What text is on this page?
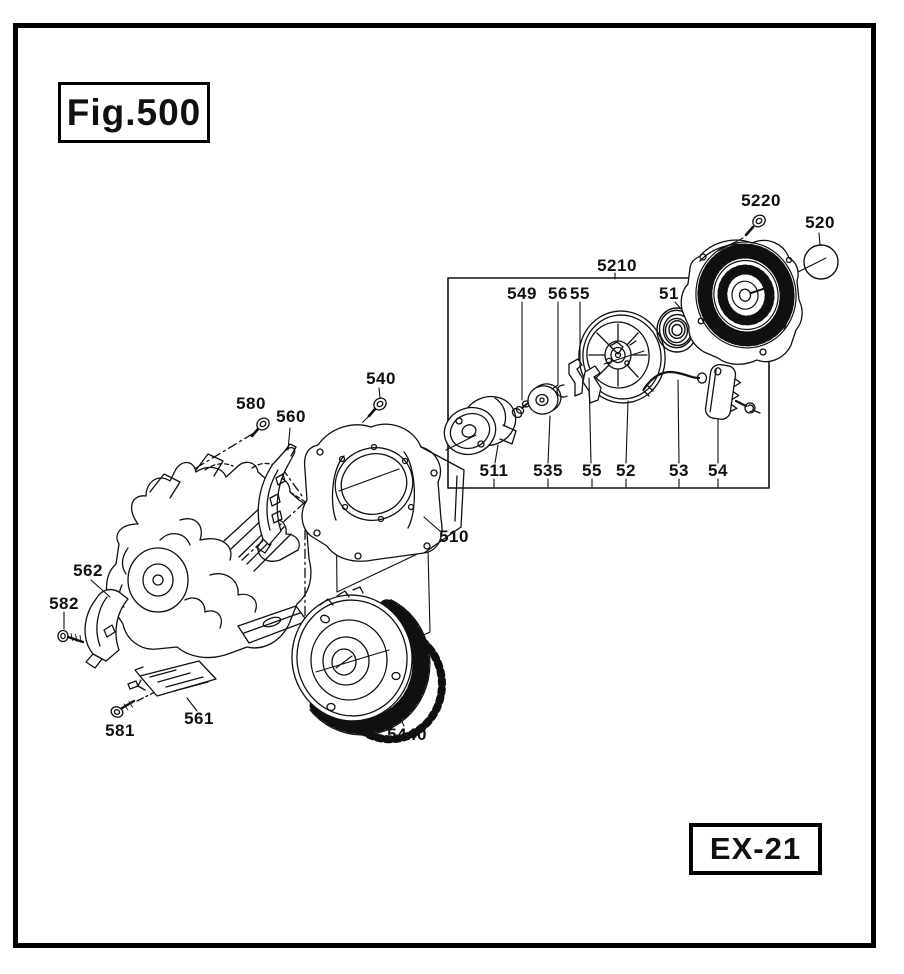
Fig.500
EX-21
5220
520
5210
549 56 55	51
511 535 55 52 53 54
540
580
560
510
562
582
561
581	5440
